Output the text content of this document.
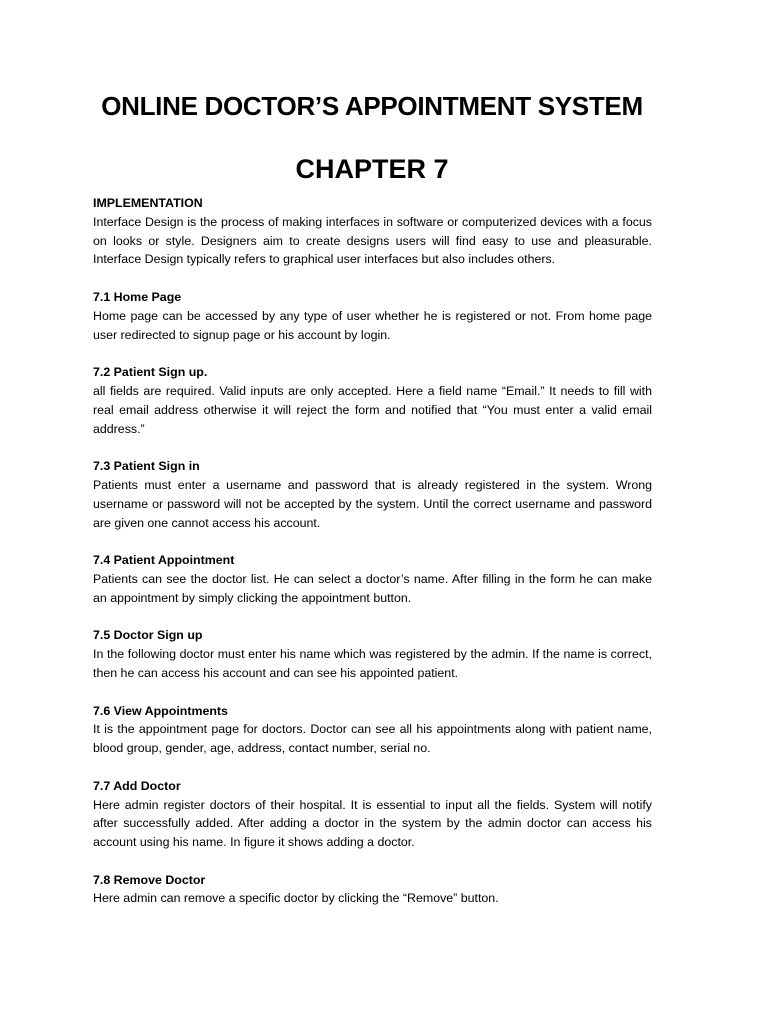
ONLINE DOCTOR’S APPOINTMENT SYSTEM
CHAPTER 7

IMPLEMENTATION

Interface Design is the process of making interfaces in software or computerized devices with a focus on looks or style. Designers aim to create designs users will find easy to use and pleasurable. Interface Design typically refers to graphical user interfaces but also includes others.

7.1 Home Page

Home page can be accessed by any type of user whether he is registered or not. From home page user redirected to signup page or his account by login.

7.2 Patient Sign up.

all fields are required. Valid inputs are only accepted. Here a field name “Email.” It needs to fill with real email address otherwise it will reject the form and notified that “You must enter a valid email address.”

7.3 Patient Sign in

Patients must enter a username and password that is already registered in the system. Wrong username or password will not be accepted by the system. Until the correct username and password are given one cannot access his account.

7.4 Patient Appointment

Patients can see the doctor list. He can select a doctor’s name. After filling in the form he can make an appointment by simply clicking the appointment button.

7.5 Doctor Sign up

In the following doctor must enter his name which was registered by the admin. If the name is correct, then he can access his account and can see his appointed patient.

7.6 View Appointments

It is the appointment page for doctors. Doctor can see all his appointments along with patient name, blood group, gender, age, address, contact number, serial no.

7.7 Add Doctor

Here admin register doctors of their hospital. It is essential to input all the fields. System will notify after successfully added. After adding a doctor in the system by the admin doctor can access his account using his name. In figure it shows adding a doctor.

7.8 Remove Doctor

Here admin can remove a specific doctor by clicking the “Remove” button.
